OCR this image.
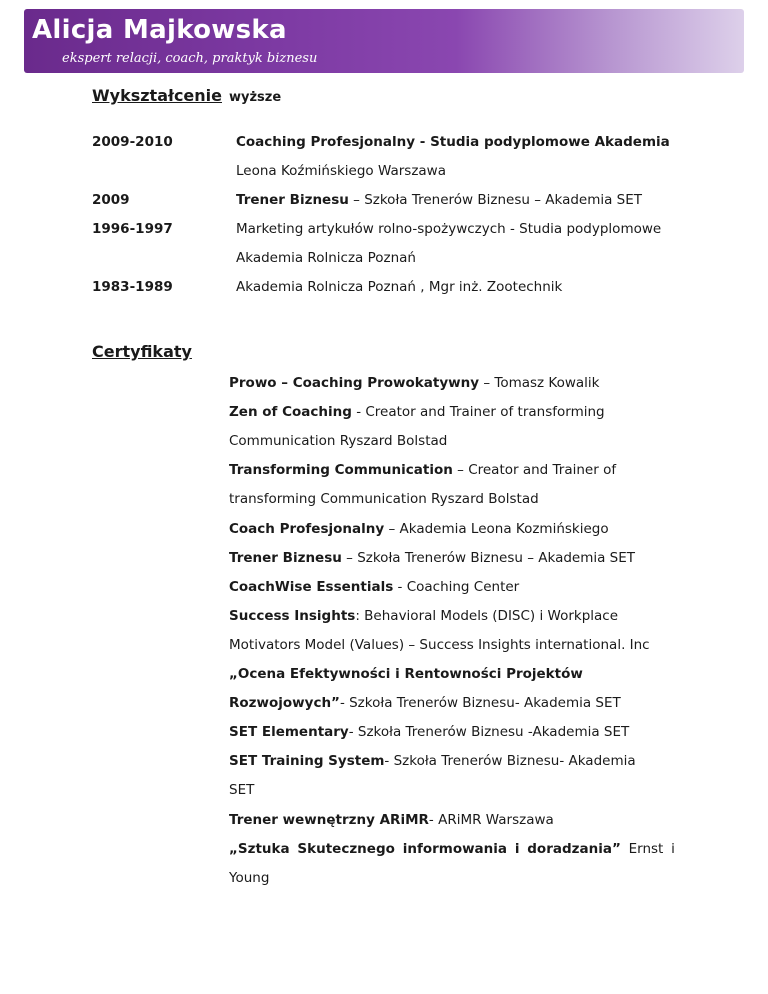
Alicja Majkowska
ekspert relacji, coach, praktyk biznesu
Wykształcenie wyższe
2009-2010	Coaching Profesjonalny - Studia podyplomowe Akademia
Leona Koźmińskiego Warszawa
2009	Trener Biznesu – Szkoła Trenerów Biznesu – Akademia SET
1996-1997	Marketing artykułów rolno-spożywczych - Studia podyplomowe
Akademia Rolnicza Poznań
1983-1989	Akademia Rolnicza Poznań , Mgr inż. Zootechnik
Certyfikaty
Prowo – Coaching Prowokatywny – Tomasz Kowalik
Zen of Coaching - Creator and Trainer of transforming
Communication Ryszard Bolstad
Transforming Communication – Creator and Trainer of
transforming Communication Ryszard Bolstad
Coach Profesjonalny – Akademia Leona Kozmińskiego
Trener Biznesu – Szkoła Trenerów Biznesu – Akademia SET
CoachWise Essentials - Coaching Center
Success Insights: Behavioral Models (DISC) i Workplace
Motivators Model (Values) – Success Insights international. Inc
„Ocena Efektywności i Rentowności Projektów
Rozwojowych”- Szkoła Trenerów Biznesu- Akademia SET
SET Elementary- Szkoła Trenerów Biznesu -Akademia SET
SET Training System- Szkoła Trenerów Biznesu- Akademia
SET
Trener wewnętrzny ARiMR- ARiMR Warszawa
„Sztuka Skutecznego informowania i doradzania” Ernst i
Young
